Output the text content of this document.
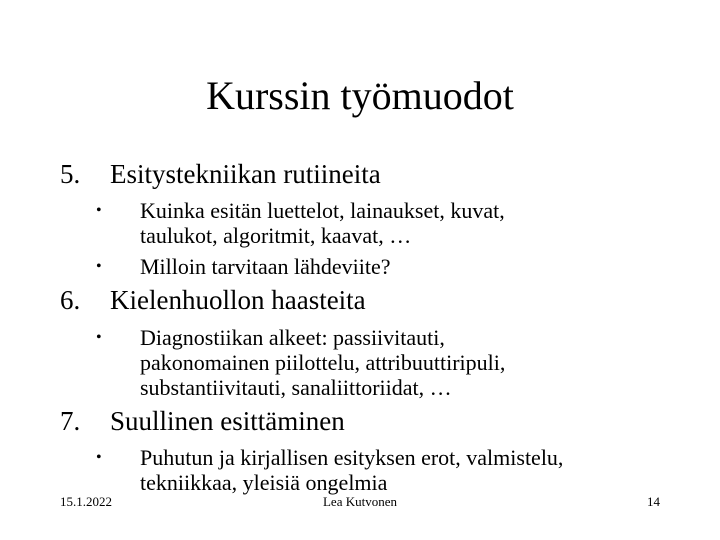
Kurssin työmuodot
5. Esitystekniikan rutiineita
• Kuinka esitän luettelot, lainaukset, kuvat,
taulukot, algoritmit, kaavat, …
• Milloin tarvitaan lähdeviite?
6. Kielenhuollon haasteita
• Diagnostiikan alkeet: passiivitauti,
pakonomainen piilottelu, attribuuttiripuli,
substantiivitauti, sanaliittoriidat, …
7. Suullinen esittäminen
• Puhutun ja kirjallisen esityksen erot, valmistelu,
tekniikkaa, yleisiä ongelmia
15.1.2022	Lea Kutvonen	14
